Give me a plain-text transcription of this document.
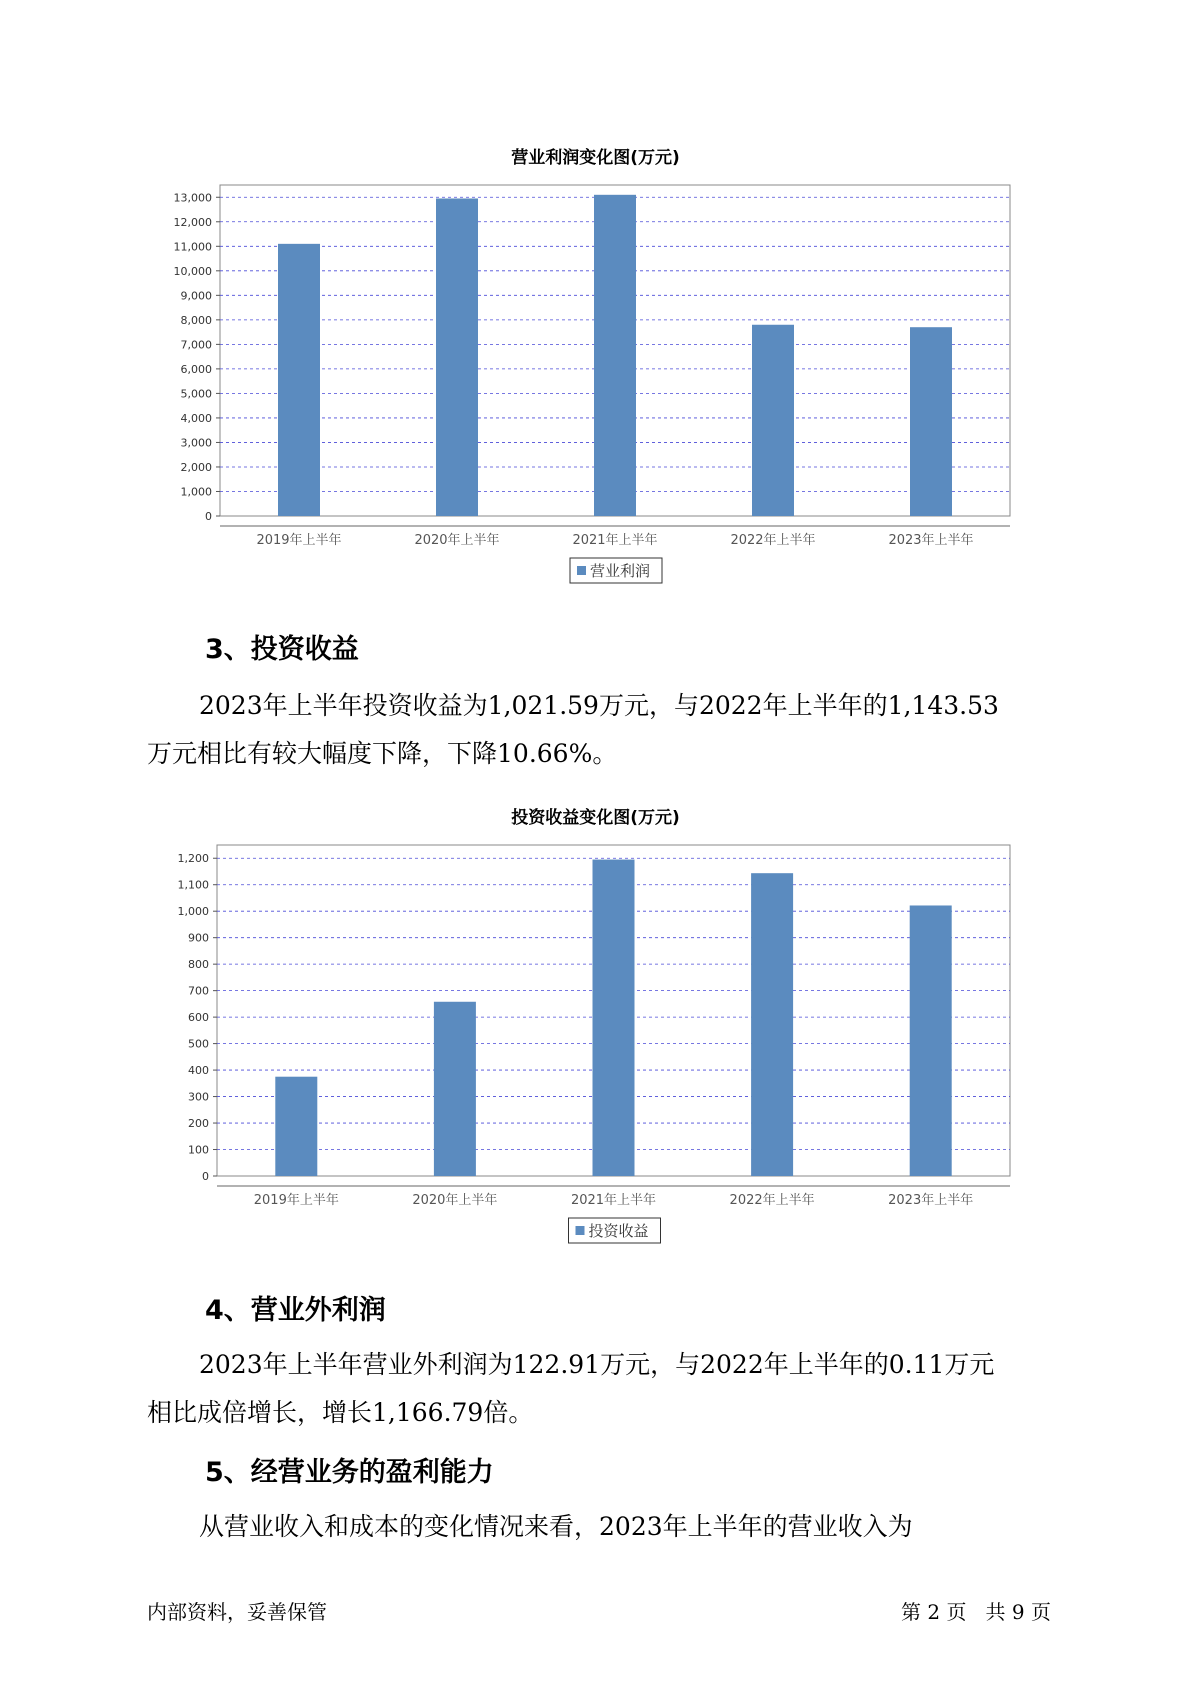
营业利润变化图(万元)
0
1,000
2,000
3,000
4,000
5,000
6,000
7,000
8,000
9,000
10,000
11,000
12,000
13,000
2019年上半年	2020年上半年	2021年上半年	2022年上半年	2023年上半年
营业利润
3、投资收益
2023年上半年投资收益为1,021.59万元，与2022年上半年的1,143.53
万元相比有较大幅度下降，下降10.66%。
投资收益变化图(万元)
0
100
200
300
400
500
600
700
800
900
1,000
1,100
1,200
2019年上半年	2020年上半年	2021年上半年	2022年上半年	2023年上半年
投资收益
4、营业外利润
2023年上半年营业外利润为122.91万元，与2022年上半年的0.11万元
相比成倍增长，增长1,166.79倍。
5、经营业务的盈利能力
从营业收入和成本的变化情况来看，2023年上半年的营业收入为
内部资料，妥善保管	第 2 页   共 9 页
